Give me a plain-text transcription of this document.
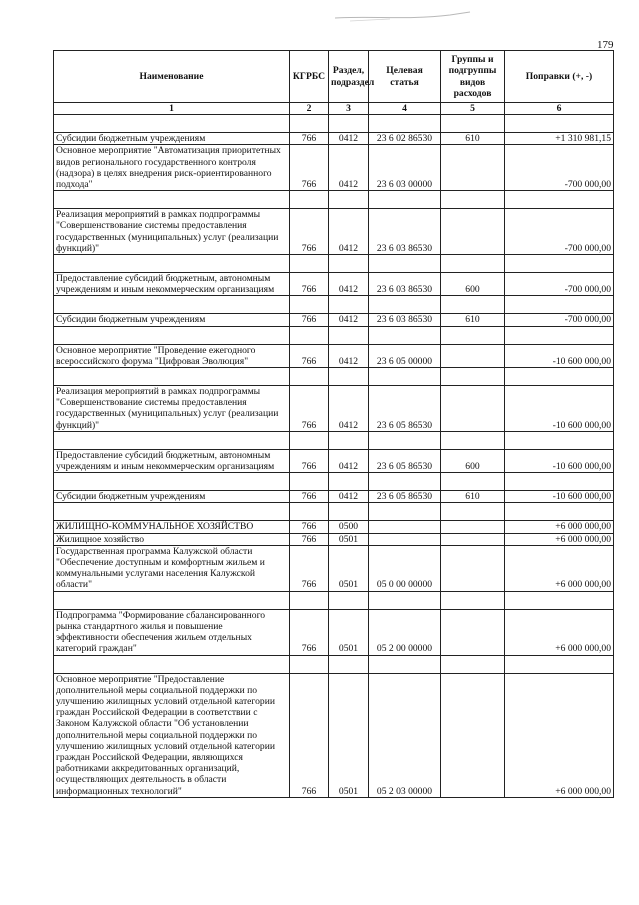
179
Наименование	КГРБС	Раздел, подраздел	Целевая статья	Группы и подгруппы видов расходов	Поправки (+, -)
1	2	3	4	5	6

Субсидии бюджетным учреждениям	766	0412	23 6 02 86530	610	+1 310 981,15
Основное мероприятие "Автоматизация приоритетных видов регионального государственного контроля (надзора) в целях внедрения риск-ориентированного подхода"	766	0412	23 6 03 00000		-700 000,00

Реализация мероприятий в рамках подпрограммы "Совершенствование системы предоставления государственных (муниципальных) услуг (реализации функций)"	766	0412	23 6 03 86530		-700 000,00

Предоставление субсидий бюджетным, автономным учреждениям и иным некоммерческим организациям	766	0412	23 6 03 86530	600	-700 000,00

Субсидии бюджетным учреждениям	766	0412	23 6 03 86530	610	-700 000,00

Основное мероприятие "Проведение ежегодного всероссийского форума "Цифровая Эволюция"	766	0412	23 6 05 00000		-10 600 000,00

Реализация мероприятий в рамках подпрограммы "Совершенствование системы предоставления государственных (муниципальных) услуг (реализации функций)"	766	0412	23 6 05 86530		-10 600 000,00

Предоставление субсидий бюджетным, автономным учреждениям и иным некоммерческим организациям	766	0412	23 6 05 86530	600	-10 600 000,00

Субсидии бюджетным учреждениям	766	0412	23 6 05 86530	610	-10 600 000,00

ЖИЛИЩНО-КОММУНАЛЬНОЕ ХОЗЯЙСТВО	766	0500			+6 000 000,00
Жилищное хозяйство	766	0501			+6 000 000,00
Государственная программа Калужской области "Обеспечение доступным и комфортным жильем и коммунальными услугами населения Калужской области"	766	0501	05 0 00 00000		+6 000 000,00

Подпрограмма "Формирование сбалансированного рынка стандартного жилья и повышение эффективности обеспечения жильем отдельных категорий граждан"	766	0501	05 2 00 00000		+6 000 000,00

Основное мероприятие "Предоставление дополнительной меры социальной поддержки по улучшению жилищных условий отдельной категории граждан Российской Федерации в соответствии с Законом Калужской области "Об установлении дополнительной меры социальной поддержки по улучшению жилищных условий отдельной категории граждан Российской Федерации, являющихся работниками аккредитованных организаций, осуществляющих деятельность в области информационных технологий"	766	0501	05 2 03 00000		+6 000 000,00
